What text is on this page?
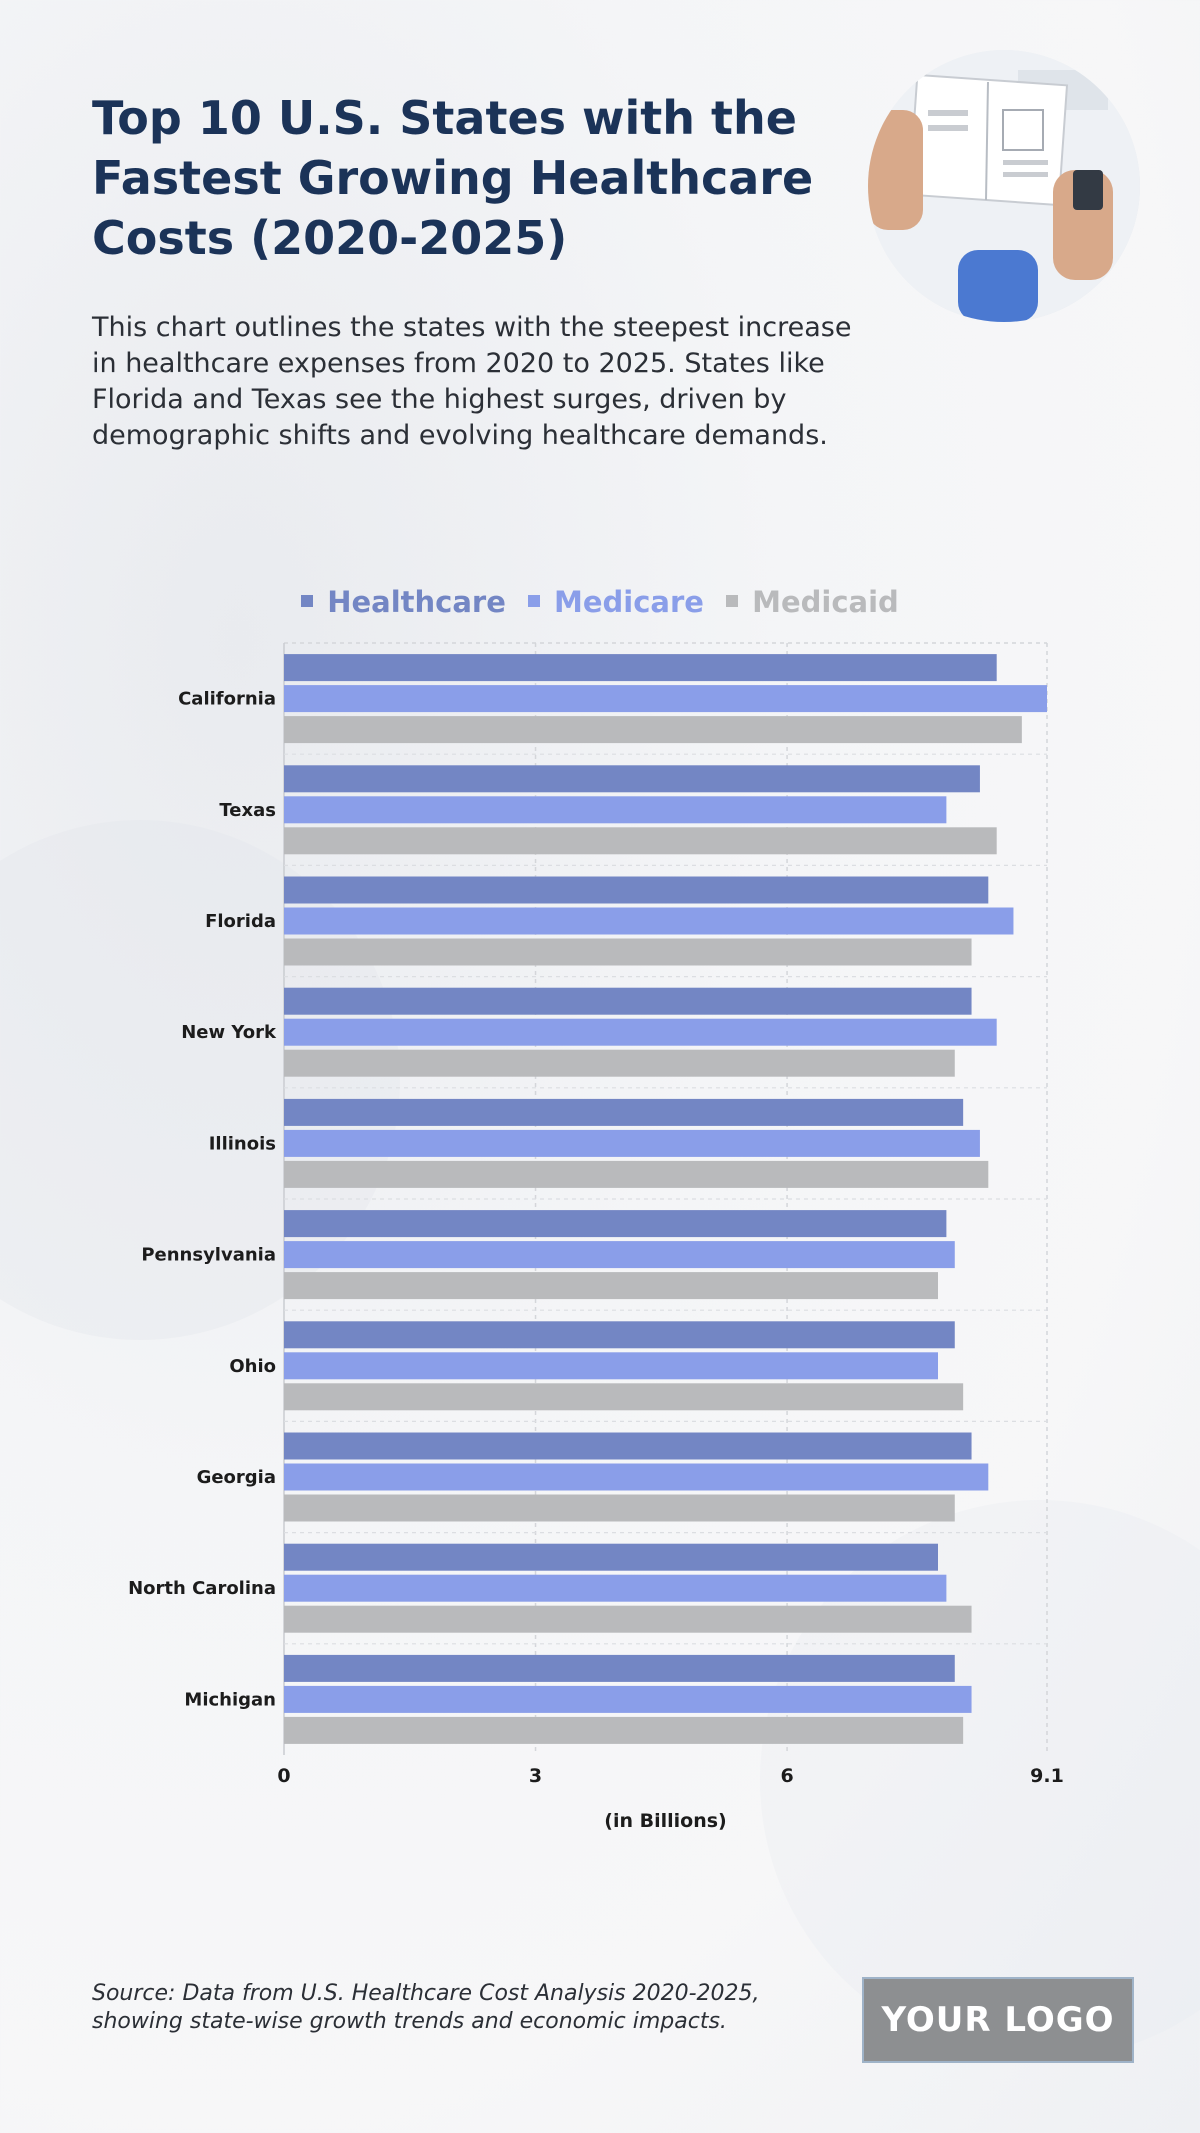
Top 10 U.S. States with the Fastest Growing Healthcare Costs (2020-2025)

This chart outlines the states with the steepest increase in healthcare expenses from 2020 to 2025. States like Florida and Texas see the highest surges, driven by demographic shifts and evolving healthcare demands.

Healthcare Medicare Medicaid
California
Texas
Florida
New York
Illinois
Pennsylvania
Ohio
Georgia
North Carolina
Michigan
0	3	6	9.1
(in Billions)

Source: Data from U.S. Healthcare Cost Analysis 2020-2025, showing state-wise growth trends and economic impacts.	YOUR LOGO
